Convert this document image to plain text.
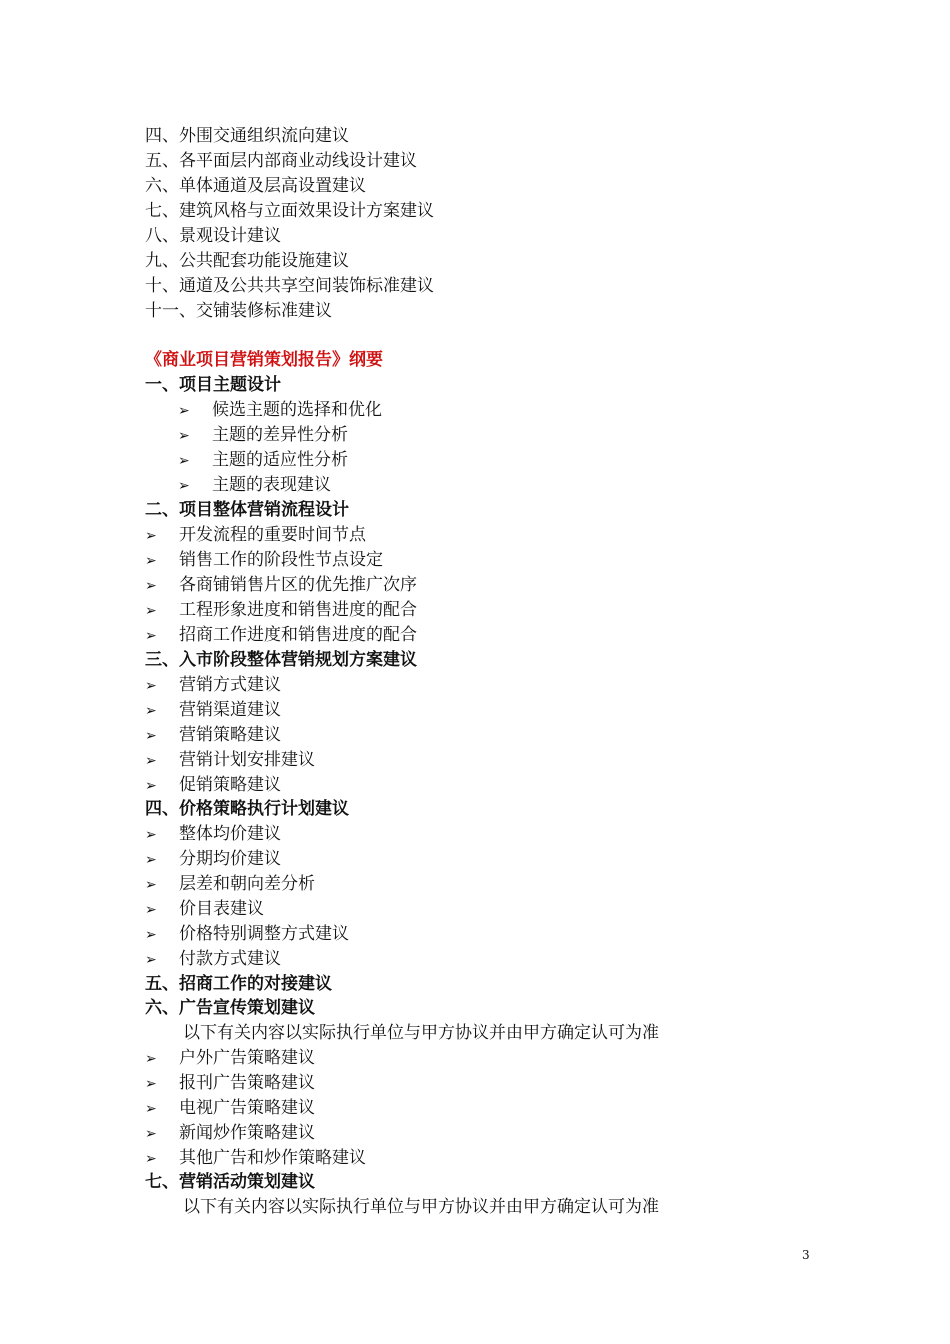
四、外围交通组织流向建议
五、各平面层内部商业动线设计建议
六、单体通道及层高设置建议
七、建筑风格与立面效果设计方案建议
八、景观设计建议
九、公共配套功能设施建议
十、通道及公共共享空间装饰标准建议
十一、交铺装修标准建议
《商业项目营销策划报告》纲要
一、项目主题设计
➢ 候选主题的选择和优化
➢ 主题的差异性分析
➢ 主题的适应性分析
➢ 主题的表现建议
二、项目整体营销流程设计
➢ 开发流程的重要时间节点
➢ 销售工作的阶段性节点设定
➢ 各商铺销售片区的优先推广次序
➢ 工程形象进度和销售进度的配合
➢ 招商工作进度和销售进度的配合
三、入市阶段整体营销规划方案建议
➢ 营销方式建议
➢ 营销渠道建议
➢ 营销策略建议
➢ 营销计划安排建议
➢ 促销策略建议
四、价格策略执行计划建议
➢ 整体均价建议
➢ 分期均价建议
➢ 层差和朝向差分析
➢ 价目表建议
➢ 价格特别调整方式建议
➢ 付款方式建议
五、招商工作的对接建议
六、广告宣传策划建议
以下有关内容以实际执行单位与甲方协议并由甲方确定认可为准
➢ 户外广告策略建议
➢ 报刊广告策略建议
➢ 电视广告策略建议
➢ 新闻炒作策略建议
➢ 其他广告和炒作策略建议
七、营销活动策划建议
以下有关内容以实际执行单位与甲方协议并由甲方确定认可为准
3
